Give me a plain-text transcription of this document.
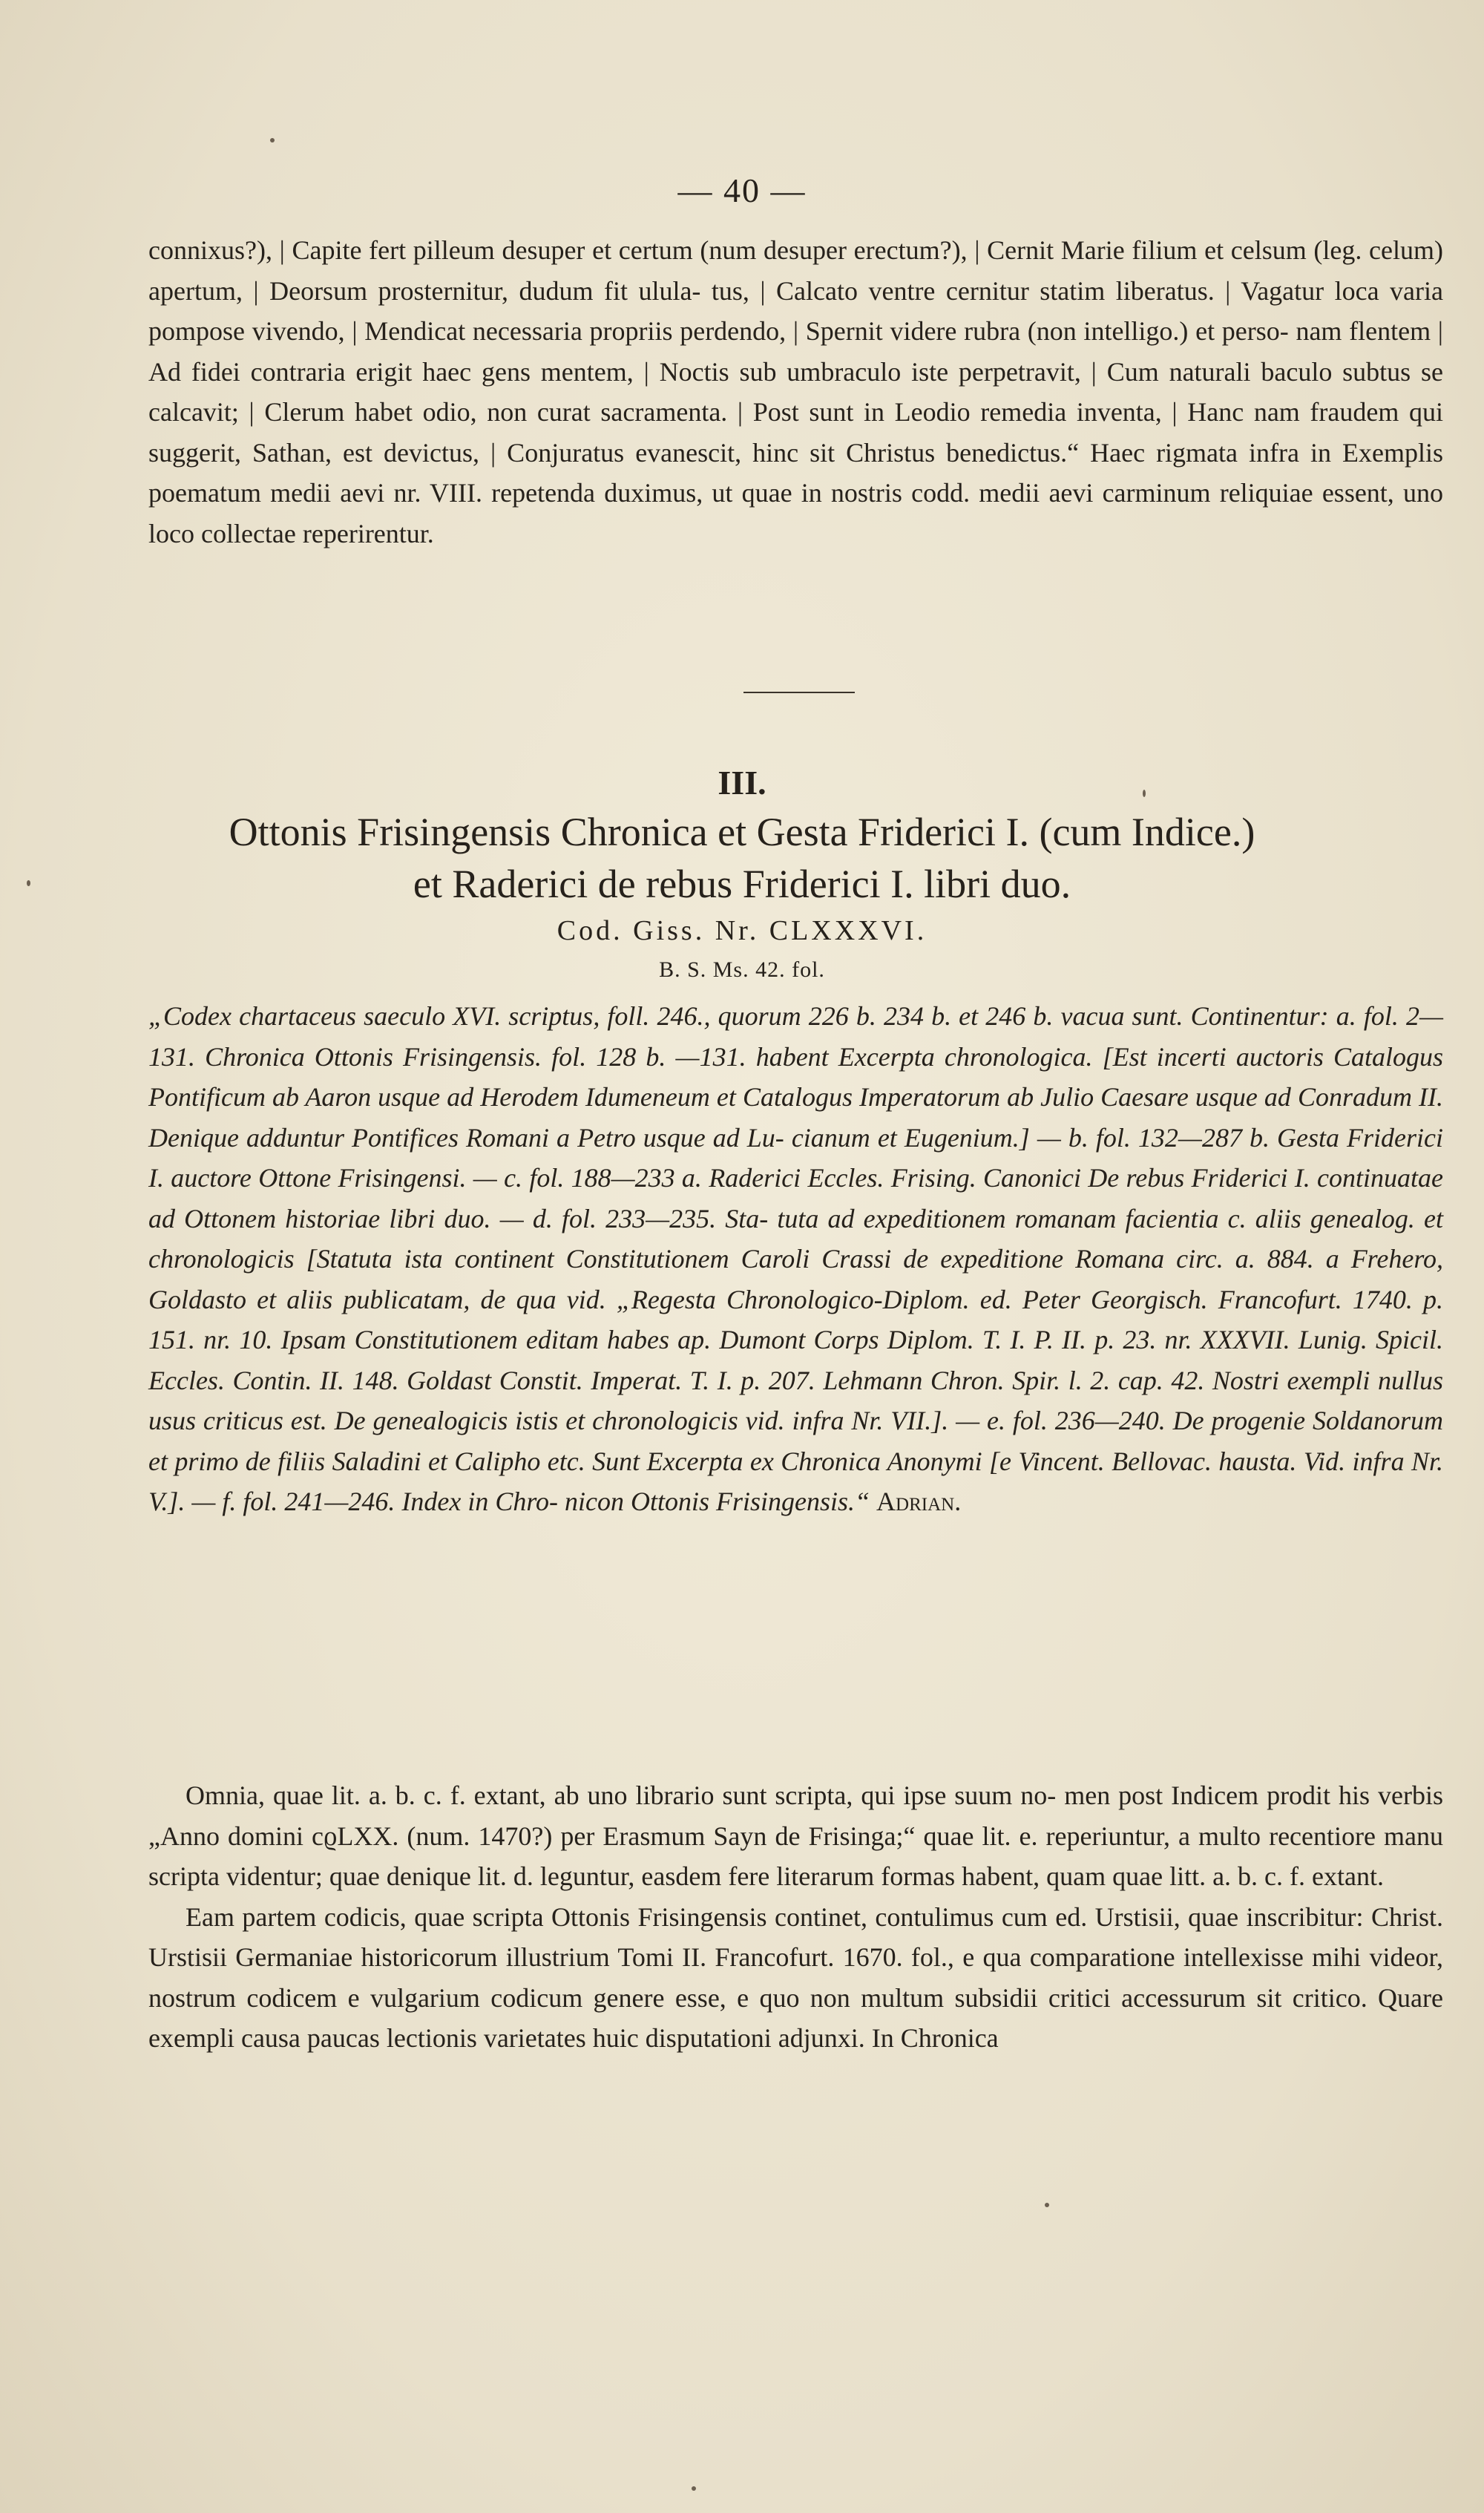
— 40 —
connixus?), | Capite fert pilleum desuper et certum (num desuper erectum?), | Cernit Marie filium et celsum (leg. celum) apertum, | Deorsum prosternitur, dudum fit ulula- tus, | Calcato ventre cernitur statim liberatus. | Vagatur loca varia pompose vivendo, | Mendicat necessaria propriis perdendo, | Spernit videre rubra (non intelligo.) et perso- nam flentem | Ad fidei contraria erigit haec gens mentem, | Noctis sub umbraculo iste perpetravit, | Cum naturali baculo subtus se calcavit; | Clerum habet odio, non curat sacramenta. | Post sunt in Leodio remedia inventa, | Hanc nam fraudem qui suggerit, Sathan, est devictus, | Conjuratus evanescit, hinc sit Christus benedictus.“ Haec rigmata infra in Exemplis poematum medii aevi nr. VIII. repetenda duximus, ut quae in nostris codd. medii aevi carminum reliquiae essent, uno loco collectae reperirentur.
III.
Ottonis Frisingensis Chronica et Gesta Friderici I. (cum Indice.)
et Raderici de rebus Friderici I. libri duo.
Cod. Giss. Nr. CLXXXVI.
B. S. Ms. 42. fol.
„Codex chartaceus saeculo XVI. scriptus, foll. 246., quorum 226 b. 234 b. et 246 b. vacua sunt. Continentur: a. fol. 2—131. Chronica Ottonis Frisingensis. fol. 128 b. —131. habent Excerpta chronologica. [Est incerti auctoris Catalogus Pontificum ab Aaron usque ad Herodem Idumeneum et Catalogus Imperatorum ab Julio Caesare usque ad Conradum II. Denique adduntur Pontifices Romani a Petro usque ad Lu- cianum et Eugenium.] — b. fol. 132—287 b. Gesta Friderici I. auctore Ottone Frisingensi. — c. fol. 188—233 a. Raderici Eccles. Frising. Canonici De rebus Friderici I. continuatae ad Ottonem historiae libri duo. — d. fol. 233—235. Sta- tuta ad expeditionem romanam facientia c. aliis genealog. et chronologicis [Statuta ista continent Constitutionem Caroli Crassi de expeditione Romana circ. a. 884. a Frehero, Goldasto et aliis publicatam, de qua vid. „Regesta Chronologico-Diplom. ed. Peter Georgisch. Francofurt. 1740. p. 151. nr. 10. Ipsam Constitutionem editam habes ap. Dumont Corps Diplom. T. I. P. II. p. 23. nr. XXXVII. Lunig. Spicil. Eccles. Contin. II. 148. Goldast Constit. Imperat. T. I. p. 207. Lehmann Chron. Spir. l. 2. cap. 42. Nostri exempli nullus usus criticus est. De genealogicis istis et chronologicis vid. infra Nr. VII.]. — e. fol. 236—240. De progenie Soldanorum et primo de filiis Saladini et Calipho etc. Sunt Excerpta ex Chronica Anonymi [e Vincent. Bellovac. hausta. Vid. infra Nr. V.]. — f. fol. 241—246. Index in Chro- nicon Ottonis Frisingensis.“ Adrian.

Omnia, quae lit. a. b. c. f. extant, ab uno librario sunt scripta, qui ipse suum no- men post Indicem prodit his verbis „Anno domini cϱLXX. (num. 1470?) per Erasmum Sayn de Frisinga;“ quae lit. e. reperiuntur, a multo recentiore manu scripta videntur; quae denique lit. d. leguntur, easdem fere literarum formas habent, quam quae litt. a. b. c. f. extant.

Eam partem codicis, quae scripta Ottonis Frisingensis continet, contulimus cum ed. Urstisii, quae inscribitur: Christ. Urstisii Germaniae historicorum illustrium Tomi II. Francofurt. 1670. fol., e qua comparatione intellexisse mihi videor, nostrum codicem e vulgarium codicum genere esse, e quo non multum subsidii critici accessurum sit critico. Quare exempli causa paucas lectionis varietates huic disputationi adjunxi. In Chronica
